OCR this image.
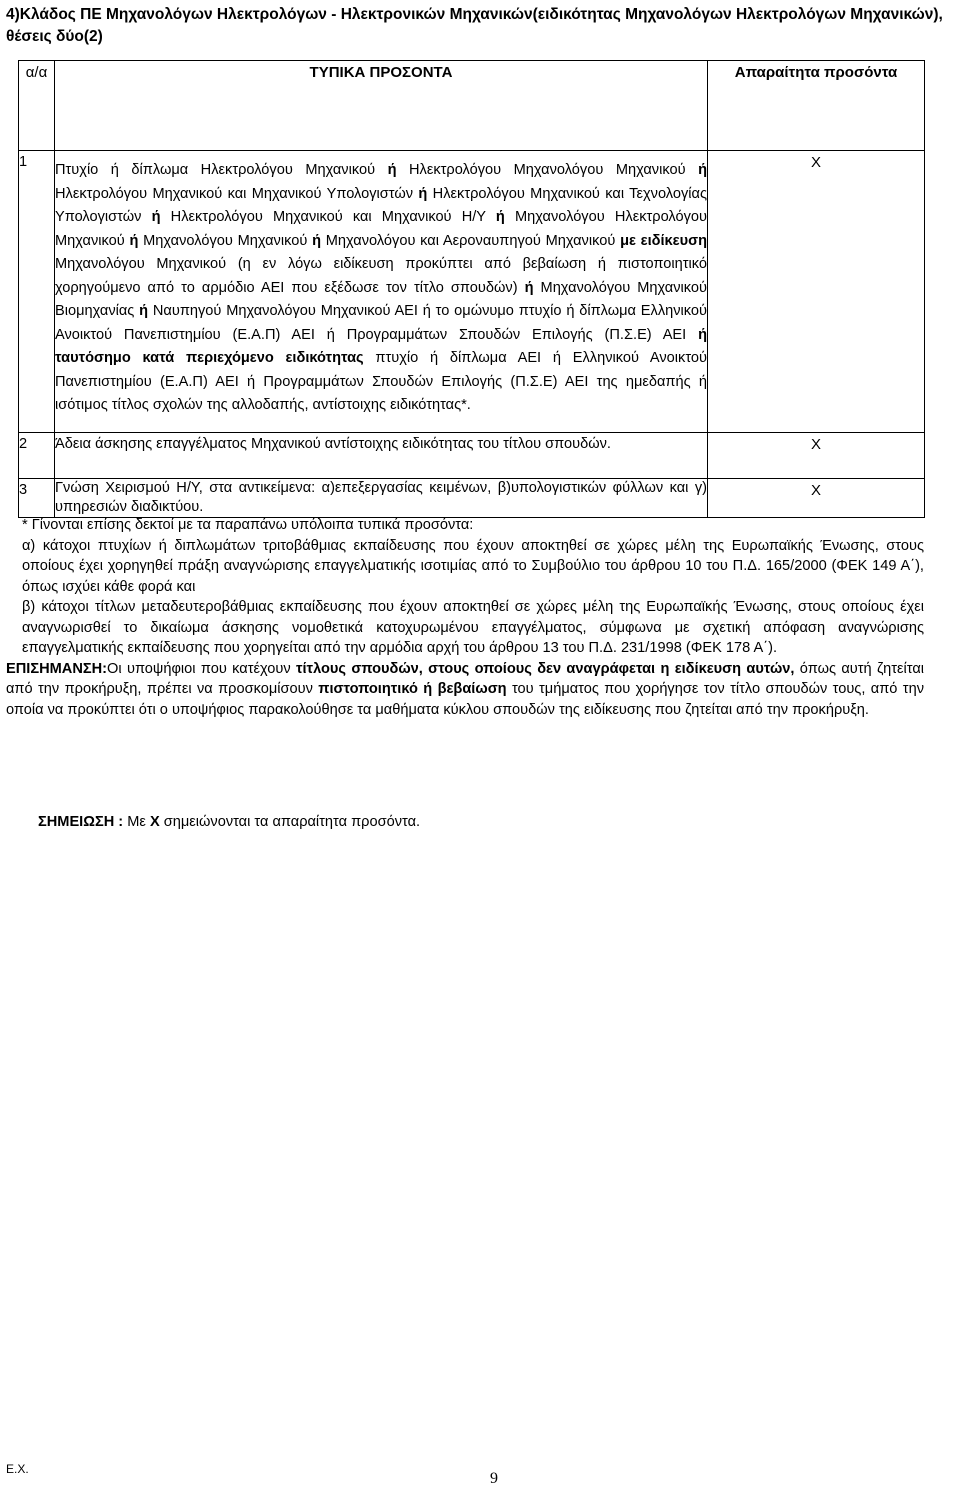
4)Κλάδος ΠΕ Μηχανολόγων Ηλεκτρολόγων - Ηλεκτρονικών Μηχανικών(ειδικότητας Μηχανολόγων Ηλεκτρολόγων Μηχανικών), θέσεις δύο(2)
α/α	ΤΥΠΙΚΑ ΠΡΟΣΟΝΤΑ	Απαραίτητα προσόντα
1	Πτυχίο ή δίπλωμα Ηλεκτρολόγου Μηχανικού ή Ηλεκτρολόγου Μηχανολόγου Μηχανικού ή Ηλεκτρολόγου Μηχανικού και Μηχανικού Υπολογιστών ή Ηλεκτρολόγου Μηχανικού και Τεχνολογίας Υπολογιστών ή Ηλεκτρολόγου Μηχανικού και Μηχανικού Η/Υ ή Μηχανολόγου Ηλεκτρολόγου Μηχανικού ή Μηχανολόγου Μηχανικού ή Μηχανολόγου και Αεροναυπηγού Μηχανικού με ειδίκευση Μηχανολόγου Μηχανικού (η εν λόγω ειδίκευση προκύπτει από βεβαίωση ή πιστοποιητικό χορηγούμενο από το αρμόδιο ΑΕΙ που εξέδωσε τον τίτλο σπουδών) ή Μηχανολόγου Μηχανικού Βιομηχανίας ή Ναυπηγού Μηχανολόγου Μηχανικού ΑΕΙ ή το ομώνυμο πτυχίο ή δίπλωμα Ελληνικού Ανοικτού Πανεπιστημίου (Ε.Α.Π) ΑΕΙ ή Προγραμμάτων Σπουδών Επιλογής (Π.Σ.Ε) ΑΕΙ ή ταυτόσημο κατά περιεχόμενο ειδικότητας πτυχίο ή δίπλωμα ΑΕΙ ή Ελληνικού Ανοικτού Πανεπιστημίου (Ε.Α.Π) ΑΕΙ ή Προγραμμάτων Σπουδών Επιλογής (Π.Σ.Ε) ΑΕΙ της ημεδαπής ή ισότιμος τίτλος σχολών της αλλοδαπής, αντίστοιχης ειδικότητας*.	Χ
2	Άδεια άσκησης επαγγέλματος Μηχανικού αντίστοιχης ειδικότητας του τίτλου σπουδών.	Χ
3	Γνώση Χειρισμού Η/Υ, στα αντικείμενα: α)επεξεργασίας κειμένων, β)υπολογιστικών φύλλων και γ) υπηρεσιών διαδικτύου.	Χ

* Γίνονται επίσης δεκτοί με τα παραπάνω υπόλοιπα τυπικά προσόντα:

α) κάτοχοι πτυχίων ή διπλωμάτων τριτοβάθμιας εκπαίδευσης που έχουν αποκτηθεί σε χώρες μέλη της Ευρωπαϊκής Ένωσης, στους οποίους έχει χορηγηθεί πράξη αναγνώρισης επαγγελματικής ισοτιμίας από το Συμβούλιο του άρθρου 10 του Π.Δ. 165/2000 (ΦΕΚ 149 Α΄), όπως ισχύει κάθε φορά και

β) κάτοχοι τίτλων μεταδευτεροβάθμιας εκπαίδευσης που έχουν αποκτηθεί σε χώρες μέλη της Ευρωπαϊκής Ένωσης, στους οποίους έχει αναγνωρισθεί το δικαίωμα άσκησης νομοθετικά κατοχυρωμένου επαγγέλματος, σύμφωνα με σχετική απόφαση αναγνώρισης επαγγελματικής εκπαίδευσης που χορηγείται από την αρμόδια αρχή του άρθρου 13 του Π.Δ. 231/1998 (ΦΕΚ 178 Α΄).

ΕΠΙΣΗΜΑΝΣΗ:Οι υποψήφιοι που κατέχουν τίτλους σπουδών, στους οποίους δεν αναγράφεται η ειδίκευση αυτών, όπως αυτή ζητείται από την προκήρυξη, πρέπει να προσκομίσουν πιστοποιητικό ή βεβαίωση του τμήματος που χορήγησε τον τίτλο σπουδών τους, από την οποία να προκύπτει ότι ο υποψήφιος παρακολούθησε τα μαθήματα κύκλου σπουδών της ειδίκευσης που ζητείται από την προκήρυξη.

ΣΗΜΕΙΩΣΗ : Με Χ σημειώνονται τα απαραίτητα προσόντα.
Ε.Χ.
9
